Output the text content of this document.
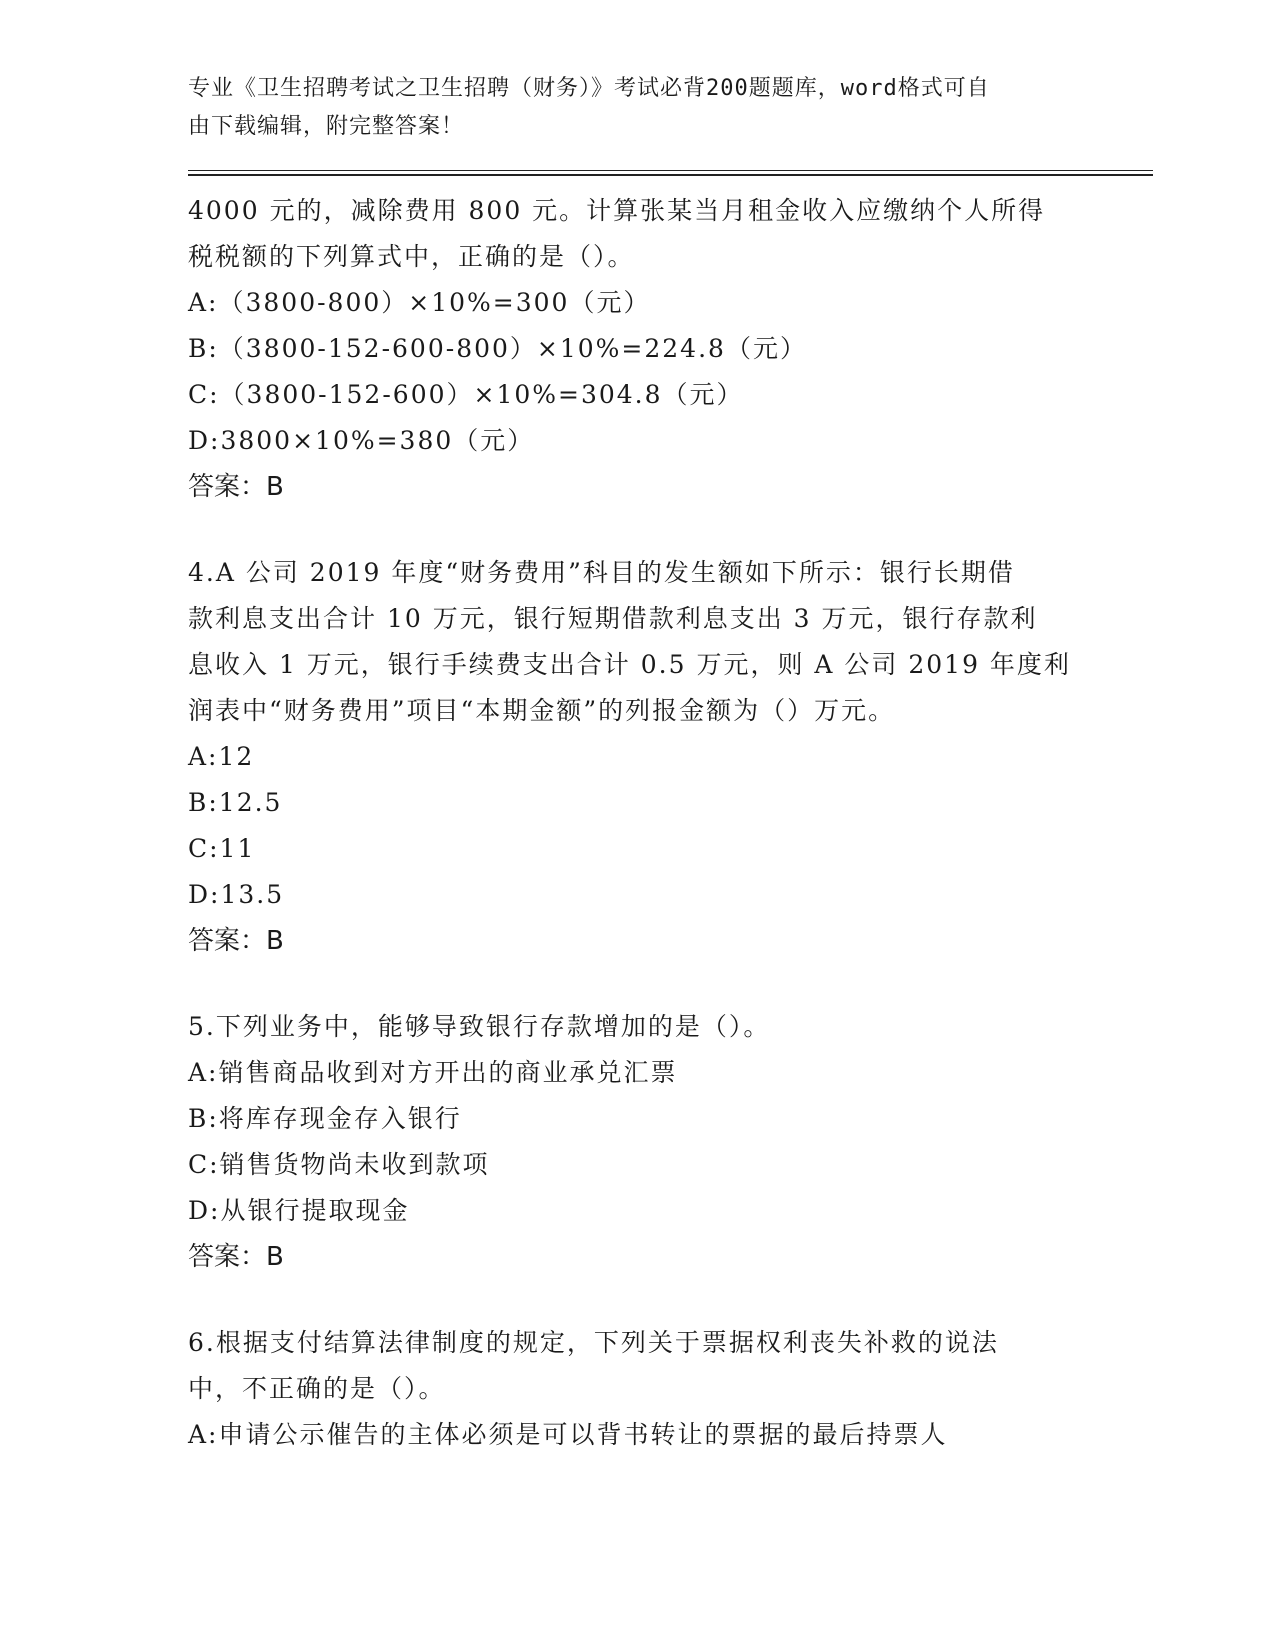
专业《卫生招聘考试之卫生招聘（财务）》考试必背200题题库，word格式可自
由下载编辑，附完整答案！
4000 元的，减除费用 800 元。计算张某当月租金收入应缴纳个人所得
税税额的下列算式中，正确的是（）。
A:（3800-800）×10%=300（元）
B:（3800-152-600-800）×10%=224.8（元）
C:（3800-152-600）×10%=304.8（元）
D:3800×10%=380（元）
答案：B
4.A 公司 2019 年度“财务费用”科目的发生额如下所示：银行长期借
款利息支出合计 10 万元，银行短期借款利息支出 3 万元，银行存款利
息收入 1 万元，银行手续费支出合计 0.5 万元，则 A 公司 2019 年度利
润表中“财务费用”项目“本期金额”的列报金额为（）万元。
A:12
B:12.5
C:11
D:13.5
答案：B
5.下列业务中，能够导致银行存款增加的是（）。
A:销售商品收到对方开出的商业承兑汇票
B:将库存现金存入银行
C:销售货物尚未收到款项
D:从银行提取现金
答案：B
6.根据支付结算法律制度的规定，下列关于票据权利丧失补救的说法
中，不正确的是（）。
A:申请公示催告的主体必须是可以背书转让的票据的最后持票人
